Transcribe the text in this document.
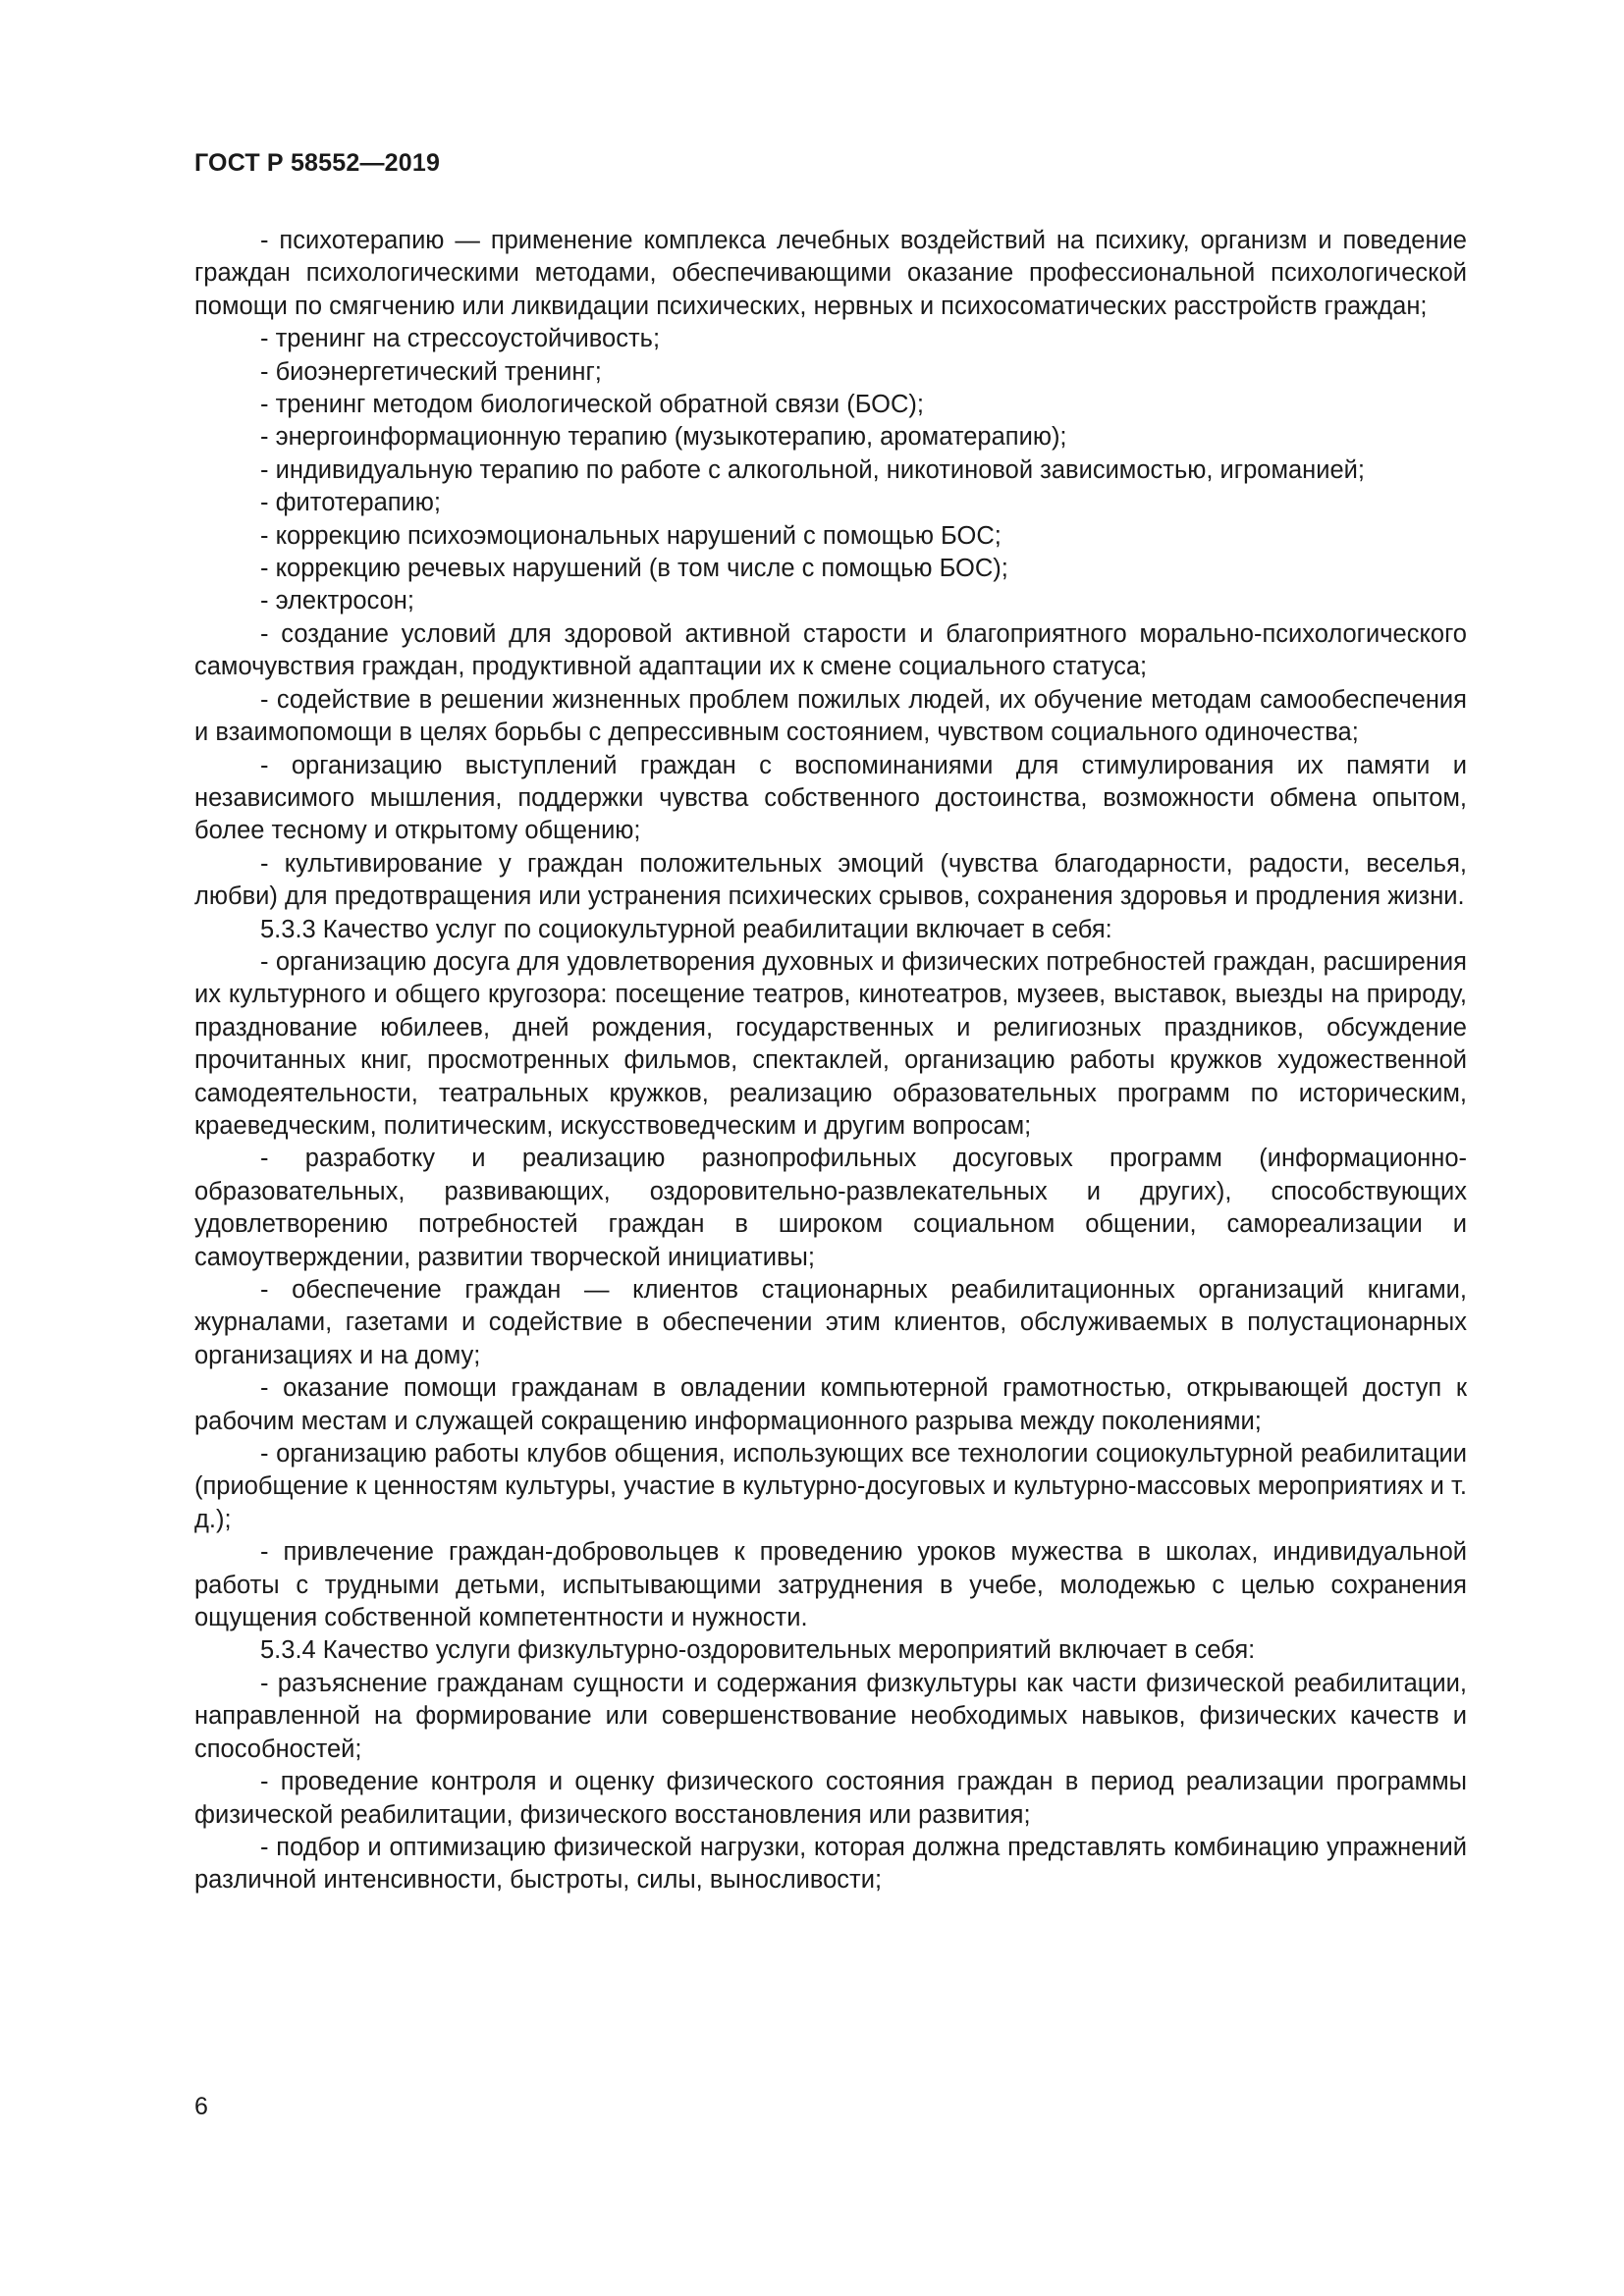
ГОСТ Р 58552—2019

- психотерапию — применение комплекса лечебных воздействий на психику, организм и поведение граждан психологическими методами, обеспечивающими оказание профессиональной психологической помощи по смягчению или ликвидации психических, нервных и психосоматических расстройств граждан;

- тренинг на стрессоустойчивость;

- биоэнергетический тренинг;

- тренинг методом биологической обратной связи (БОС);

- энергоинформационную терапию (музыкотерапию, ароматерапию);

- индивидуальную терапию по работе с алкогольной, никотиновой зависимостью, игроманией;

- фитотерапию;

- коррекцию психоэмоциональных нарушений с помощью БОС;

- коррекцию речевых нарушений (в том числе с помощью БОС);

- электросон;

- создание условий для здоровой активной старости и благоприятного морально-психологического самочувствия граждан, продуктивной адаптации их к смене социального статуса;

- содействие в решении жизненных проблем пожилых людей, их обучение методам самообеспечения и взаимопомощи в целях борьбы с депрессивным состоянием, чувством социального одиночества;

- организацию выступлений граждан с воспоминаниями для стимулирования их памяти и независимого мышления, поддержки чувства собственного достоинства, возможности обмена опытом, более тесному и открытому общению;

- культивирование у граждан положительных эмоций (чувства благодарности, радости, веселья, любви) для предотвращения или устранения психических срывов, сохранения здоровья и продления жизни.

5.3.3 Качество услуг по социокультурной реабилитации включает в себя:

- организацию досуга для удовлетворения духовных и физических потребностей граждан, расширения их культурного и общего кругозора: посещение театров, кинотеатров, музеев, выставок, выезды на природу, празднование юбилеев, дней рождения, государственных и религиозных праздников, обсуждение прочитанных книг, просмотренных фильмов, спектаклей, организацию работы кружков художественной самодеятельности, театральных кружков, реализацию образовательных программ по историческим, краеведческим, политическим, искусствоведческим и другим вопросам;

- разработку и реализацию разнопрофильных досуговых программ (информационно-образовательных, развивающих, оздоровительно-развлекательных и других), способствующих удовлетворению потребностей граждан в широком социальном общении, самореализации и самоутверждении, развитии творческой инициативы;

- обеспечение граждан — клиентов стационарных реабилитационных организаций книгами, журналами, газетами и содействие в обеспечении этим клиентов, обслуживаемых в полустационарных организациях и на дому;

- оказание помощи гражданам в овладении компьютерной грамотностью, открывающей доступ к рабочим местам и служащей сокращению информационного разрыва между поколениями;

- организацию работы клубов общения, использующих все технологии социокультурной реабилитации (приобщение к ценностям культуры, участие в культурно-досуговых и культурно-массовых мероприятиях и т. д.);

- привлечение граждан-добровольцев к проведению уроков мужества в школах, индивидуальной работы с трудными детьми, испытывающими затруднения в учебе, молодежью с целью сохранения ощущения собственной компетентности и нужности.

5.3.4 Качество услуги физкультурно-оздоровительных мероприятий включает в себя:

- разъяснение гражданам сущности и содержания физкультуры как части физической реабилитации, направленной на формирование или совершенствование необходимых навыков, физических качеств и способностей;

- проведение контроля и оценку физического состояния граждан в период реализации программы физической реабилитации, физического восстановления или развития;

- подбор и оптимизацию физической нагрузки, которая должна представлять комбинацию упражнений различной интенсивности, быстроты, силы, выносливости;

6
